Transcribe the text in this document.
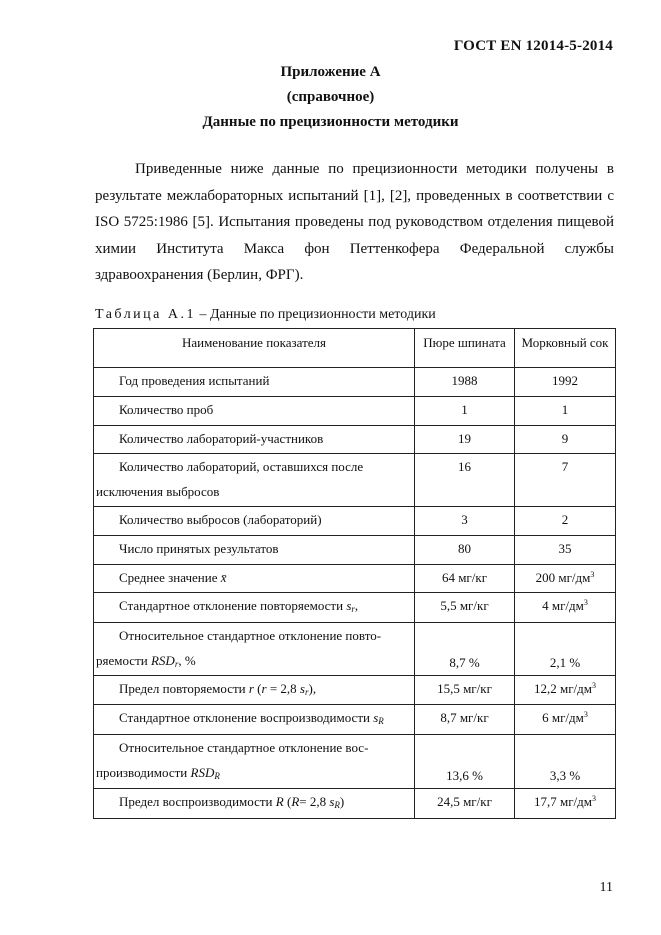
ГОСТ EN 12014-5-2014
Приложение А
(справочное)
Данные по прецизионности методики
Приведенные ниже данные по прецизионности методики получены в результате межлабораторных испытаний [1], [2], проведенных в соответствии с ISO 5725:1986 [5]. Испытания проведены под руководством отделения пищевой химии Института Макса фон Петтенкофера Федеральной службы здравоохранения (Берлин, ФРГ).
Таблица А.1 – Данные по прецизионности методики
Наименование показателя	Пюре шпината	Морковный сок
Год проведения испытаний	1988	1992
Количество проб	1	1
Количество лабораторий-участников	19	9
Количество лабораторий, оставшихся после
исключения выбросов	16	7
Количество выбросов (лабораторий)	3	2
Число принятых результатов	80	35
Среднее значение x̄	64 мг/кг	200 $мг/дм^3$
Стандартное отклонение повторяемости $s_r$,	5,5 мг/кг	4 $мг/дм^3$
Относительное стандартное отклонение повто-
ряемости $RSD_r$, %	8,7 %	2,1 %
Предел повторяемости r (r = 2,8 $s_r$),	15,5 мг/кг	12,2 $мг/дм^3$
Стандартное отклонение воспроизводимости $s_R$	8,7 мг/кг	6 $мг/дм^3$
Относительное стандартное отклонение вос-
производимости $RSD_R$	13,6 %	3,3 %
Предел воспроизводимости R (R= 2,8 $s_R$)	24,5 мг/кг	17,7 $мг/дм^3$
11
